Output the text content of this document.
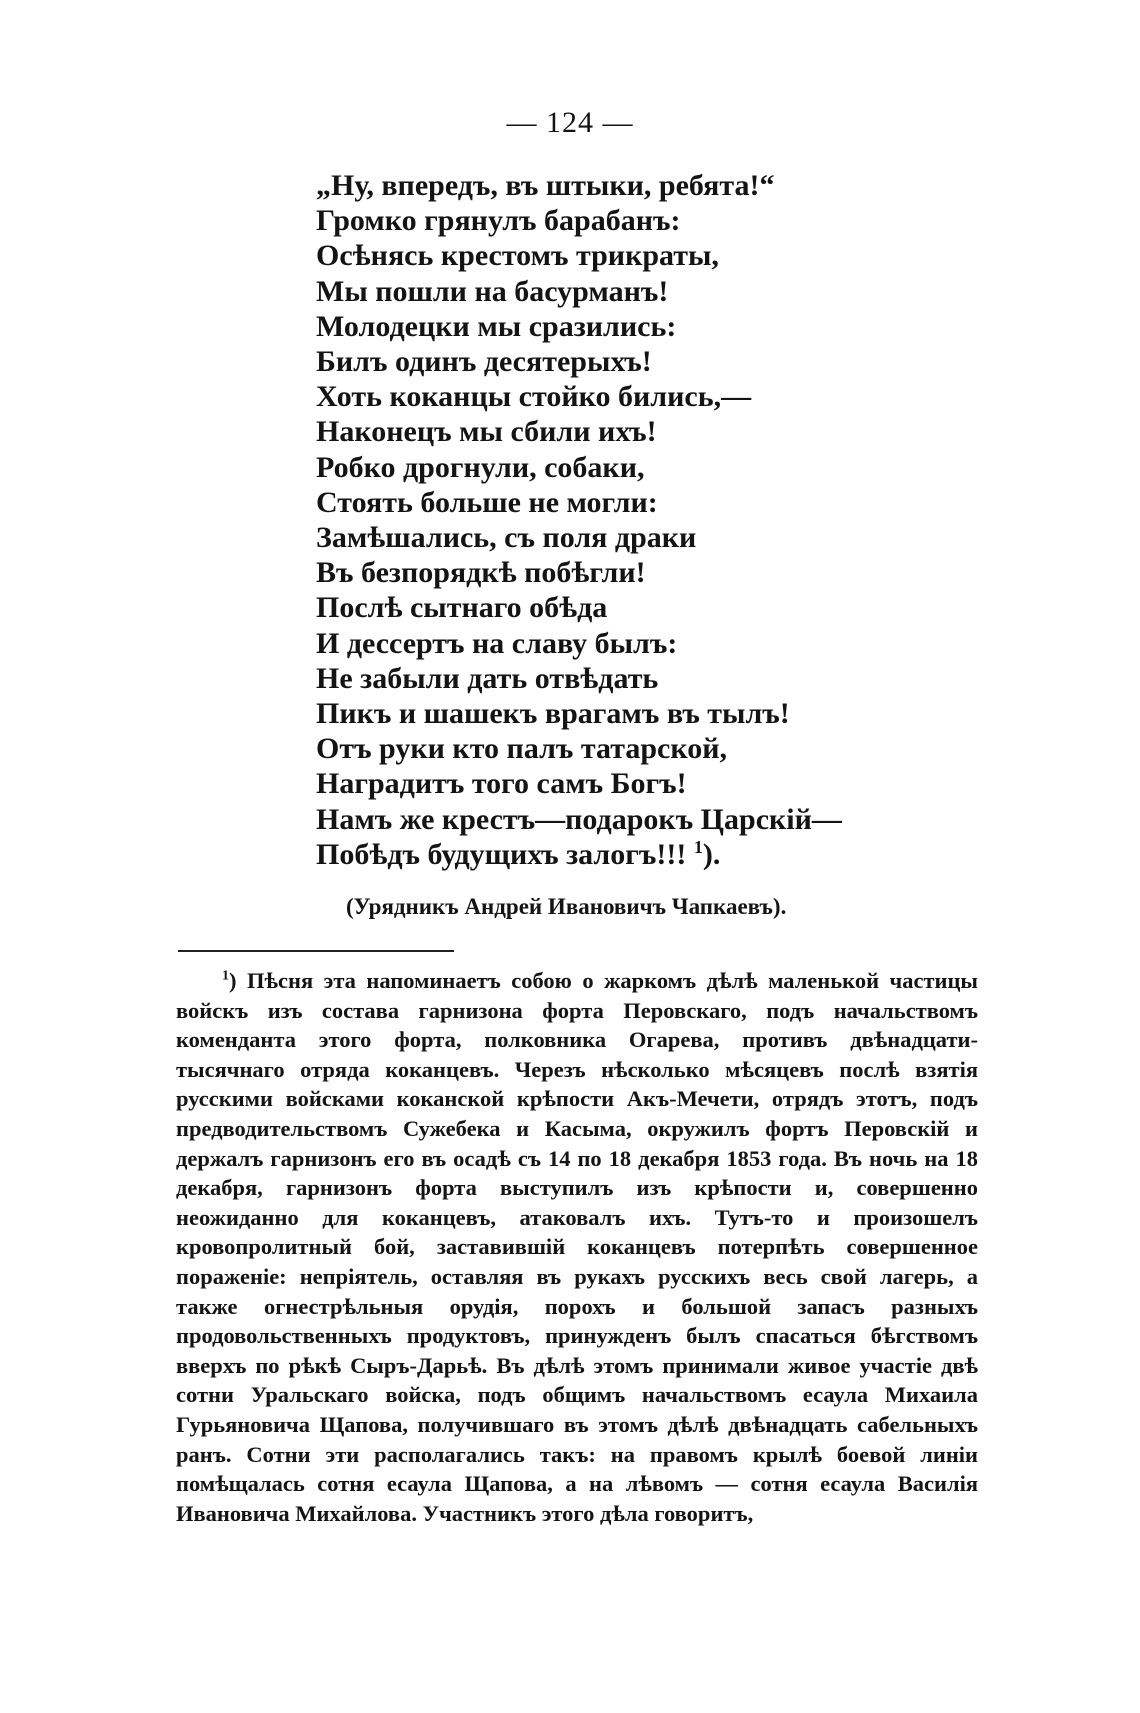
— 124 —
„Ну, впередъ, въ штыки, ребята!“
Громко грянулъ барабанъ:
Осѣнясь крестомъ трикраты,
Мы пошли на басурманъ!
Молодецки мы сразились:
Билъ одинъ десятерыхъ!
Хоть коканцы стойко бились,—
Наконецъ мы сбили ихъ!
Робко дрогнули, собаки,
Стоять больше не могли:
Замѣшались, съ поля драки
Въ безпорядкѣ побѣгли!
Послѣ сытнаго обѣда
И дессертъ на славу былъ:
Не забыли дать отвѣдать
Пикъ и шашекъ врагамъ въ тылъ!
Отъ руки кто палъ татарской,
Наградитъ того самъ Богъ!
Намъ же крестъ—подарокъ Царскій—
Побѣдъ будущихъ залогъ!!! $^1$).
(Урядникъ Андрей Ивановичъ Чапкаевъ).

$^1$) Пѣсня эта напоминаетъ собою о жаркомъ дѣлѣ маленькой частицы войскъ изъ состава гарнизона форта Перовскаго, подъ начальствомъ коменданта этого форта, полковника Огарева, противъ двѣнадцати-тысячнаго отряда коканцевъ. Черезъ нѣсколько мѣсяцевъ послѣ взятія русскими войсками коканской крѣпости Акъ-Мечети, отрядъ этотъ, подъ предводительствомъ Сужебека и Касыма, окружилъ фортъ Перовскій и держалъ гарнизонъ его въ осадѣ съ 14 по 18 декабря 1853 года. Въ ночь на 18 декабря, гарнизонъ форта выступилъ изъ крѣпости и, совершенно неожиданно для коканцевъ, атаковалъ ихъ. Тутъ-то и произошелъ кровопролитный бой, заставившій коканцевъ потерпѣть совершенное пораженіе: непріятель, оставляя въ рукахъ русскихъ весь свой лагерь, а также огнестрѣльныя орудія, порохъ и большой запасъ разныхъ продовольственныхъ продуктовъ, принужденъ былъ спасаться бѣгствомъ вверхъ по рѣкѣ Сыръ-Дарьѣ. Въ дѣлѣ этомъ принимали живое участіе двѣ сотни Уральскаго войска, подъ общимъ начальствомъ есаула Михаила Гурьяновича Щапова, получившаго въ этомъ дѣлѣ двѣнадцать сабельныхъ ранъ. Сотни эти располагались такъ: на правомъ крылѣ боевой линіи помѣщалась сотня есаула Щапова, а на лѣвомъ — сотня есаула Василія Ивановича Михайлова. Участникъ этого дѣла говоритъ,
